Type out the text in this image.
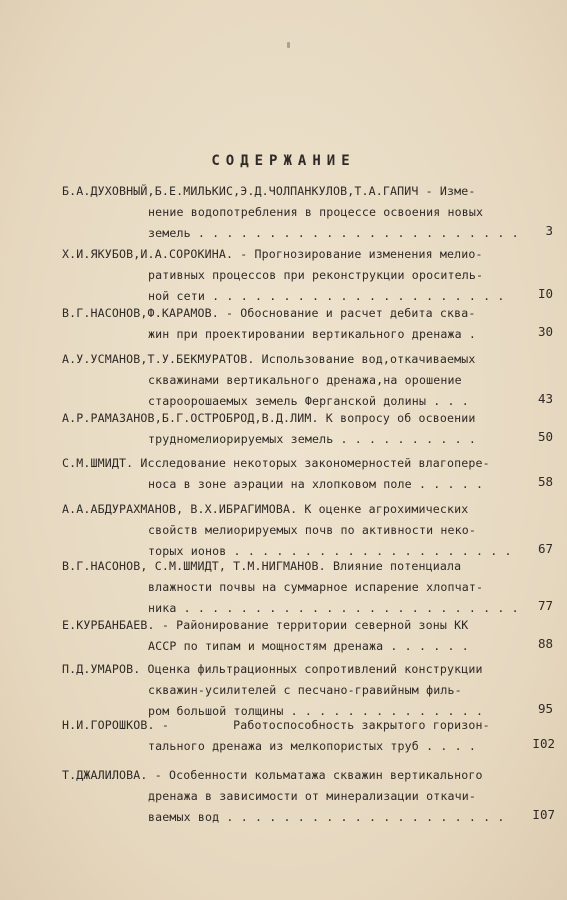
СОДЕРЖАНИЕ
Б.А.ДУХОВНЫЙ,Б.Е.МИЛЬКИС,Э.Д.ЧОЛПАНКУЛОВ,Т.А.ГАПИЧ - Изме-
нение водопотребления в процессе освоения новых
земель . . . . . . . . . . . . . . . . . . . . . . . 3
Х.И.ЯКУБОВ,И.А.СОРОКИНА. - Прогнозирование изменения мелио-
ративных процессов при реконструкции ороситель-
ной сети . . . . . . . . . . . . . . . . . . . . .	I0
В.Г.НАСОНОВ,Ф.КАРАМОВ. - Обоснование и расчет дебита сква-
жин при проектировании вертикального дренажа .	30
А.У.УСМАНОВ,Т.У.БЕКМУРАТОВ. Использование вод,откачиваемых
скважинами вертикального дренажа,на орошение
староорошаемых земель Ферганской долины . . .	43
А.Р.РАМАЗАНОВ,Б.Г.ОСТРОБРОД,В.Д.ЛИМ. К вопросу об освоении
трудномелиорируемых земель . . . . . . . . . .	50
С.М.ШМИДТ. Исследование некоторых закономерностей влагопере-
носа в зоне аэрации на хлопковом поле . . . . .	58
А.А.АБДУРАХМАНОВ, В.Х.ИБРАГИМОВА. К оценке агрохимических
свойств мелиорируемых почв по активности неко-
торых ионов . . . . . . . . . . . . . . . . . . . . 67
В.Г.НАСОНОВ, С.М.ШМИДТ, Т.М.НИГМАНОВ. Влияние потенциала
влажности почвы на суммарное испарение хлопчат-
ника . . . . . . . . . . . . . . . . . . . . . . . . 77
Е.КУРБАНБАЕВ. - Районирование территории северной зоны КК
АССР по типам и мощностям дренажа . . . . . .	88
П.Д.УМАРОВ. Оценка фильтрационных сопротивлений конструкции
скважин-усилителей с песчано-гравийным филь-
ром большой толщины . . . . . . . . . . . . . .	95
Н.И.ГОРОШКОВ. -         Работоспособность закрытого горизон-
тального дренажа из мелкопористых труб . . . .	I02
Т.ДЖАЛИЛОВА. - Особенности кольматажа скважин вертикального
дренажа в зависимости от минерализации откачи-
ваемых вод . . . . . . . . . . . . . . . . . . . . I07
